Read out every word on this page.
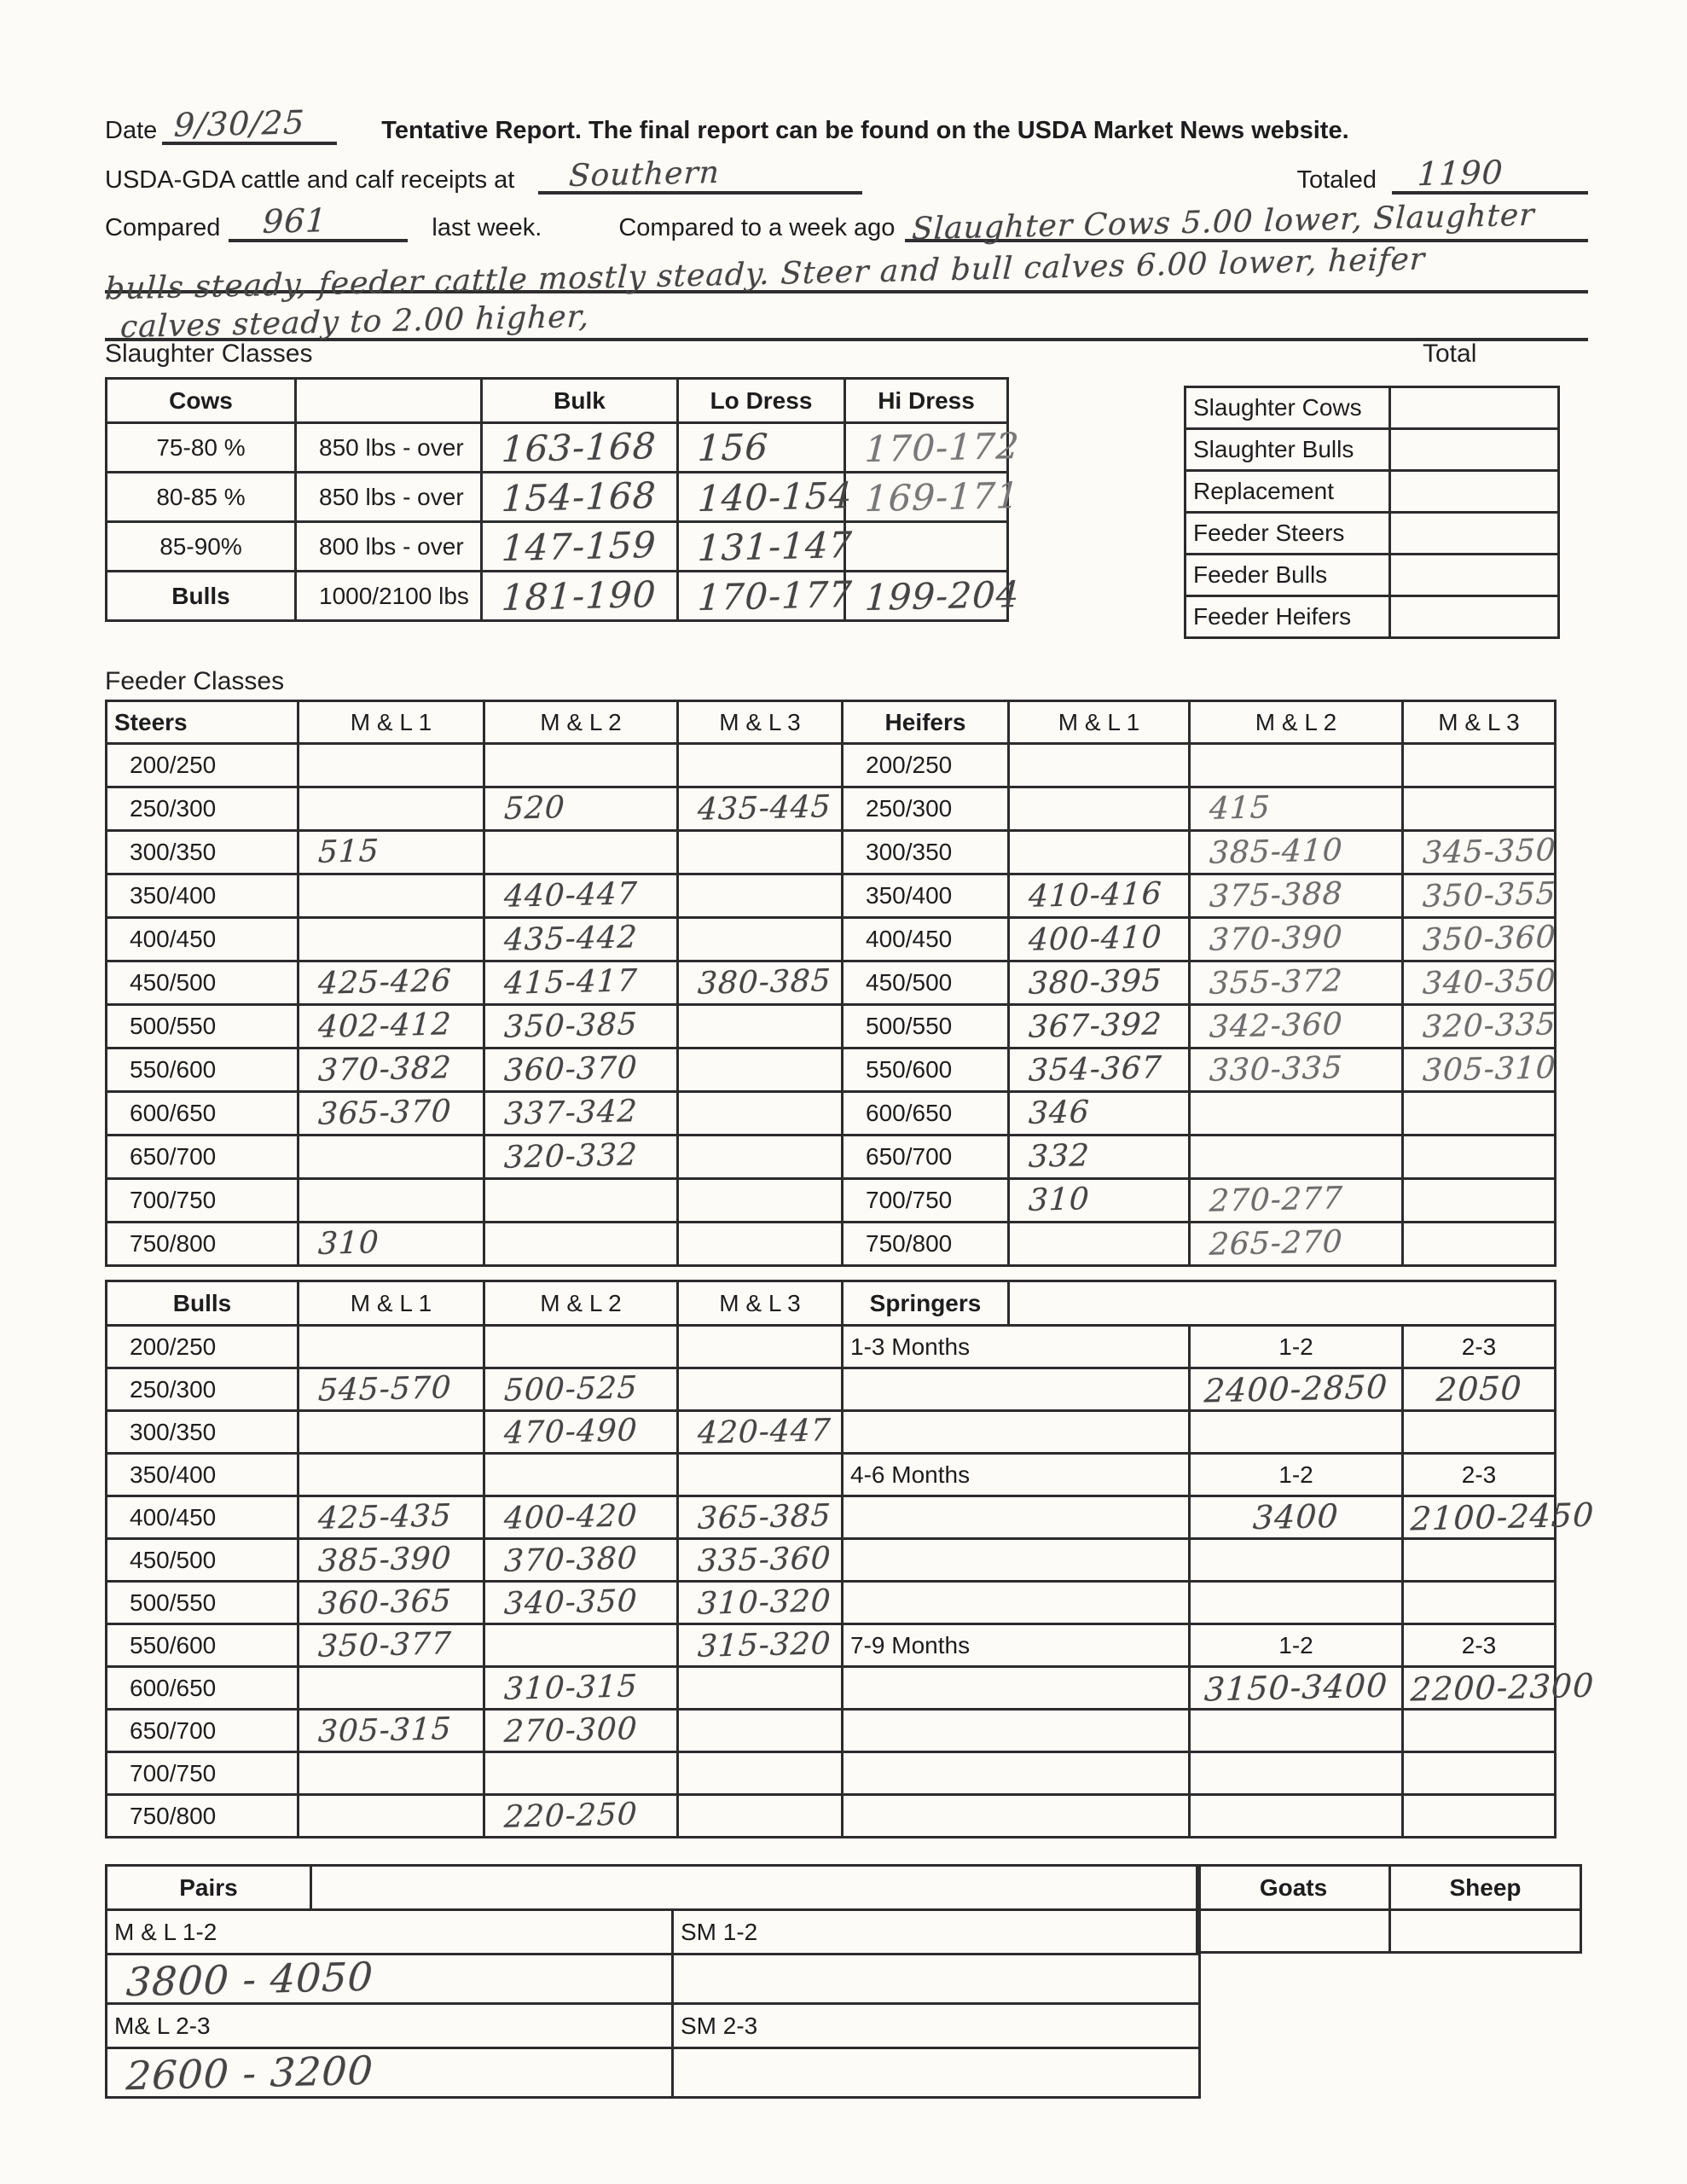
Date 9/30/25	Tentative Report. The final report can be found on the USDA Market News website.
USDA-GDA cattle and calf receipts at	Southern	Totaled	1190
Compared	961	last week.	Compared to a week ago Slaughter Cows 5.00 lower, Slaughter
bulls steady, feeder cattle mostly steady. Steer and bull calves 6.00 lower, heifer
calves steady to 2.00 higher,
Slaughter Classes	Total
Cows		Bulk	Lo Dress	Hi Dress
75-80 %	850 lbs - over	163-168	156	170-172
80-85 %	850 lbs - over	154-168	140-154	169-171
85-90%	800 lbs - over	147-159	131-147	
Bulls	1000/2100 lbs	181-190	170-177	199-204
Slaughter Cows	
Slaughter Bulls	
Replacement	
Feeder Steers	
Feeder Bulls	
Feeder Heifers	
Feeder Classes
Steers	M & L 1	M & L 2	M & L 3	Heifers	M & L 1	M & L 2	M & L 3
200/250				200/250			
250/300		520	435-445	250/300		415	
300/350	515			300/350		385-410	345-350
350/400		440-447		350/400	410-416	375-388	350-355
400/450		435-442		400/450	400-410	370-390	350-360
450/500	425-426	415-417	380-385	450/500	380-395	355-372	340-350
500/550	402-412	350-385		500/550	367-392	342-360	320-335
550/600	370-382	360-370		550/600	354-367	330-335	305-310
600/650	365-370	337-342		600/650	346		
650/700		320-332		650/700	332		
700/750				700/750	310	270-277	
750/800	310			750/800		265-270	
Bulls	M & L 1	M & L 2	M & L 3	Springers			
200/250				1-3 Months		1-2	2-3
250/300	545-570	500-525				2400-2850	2050
300/350		470-490	420-447				
350/400				4-6 Months		1-2	2-3
400/450	425-435	400-420	365-385			3400	2100-2450
450/500	385-390	370-380	335-360				
500/550	360-365	340-350	310-320				
550/600	350-377		315-320	7-9 Months		1-2	2-3
600/650		310-315				3150-3400	2200-2300
650/700	305-315	270-300					
700/750							
750/800		220-250					
Pairs		
M & L 1-2		SM 1-2
3800 - 4050		
M& L 2-3		SM 2-3
2600 - 3200		
Goats	Sheep
